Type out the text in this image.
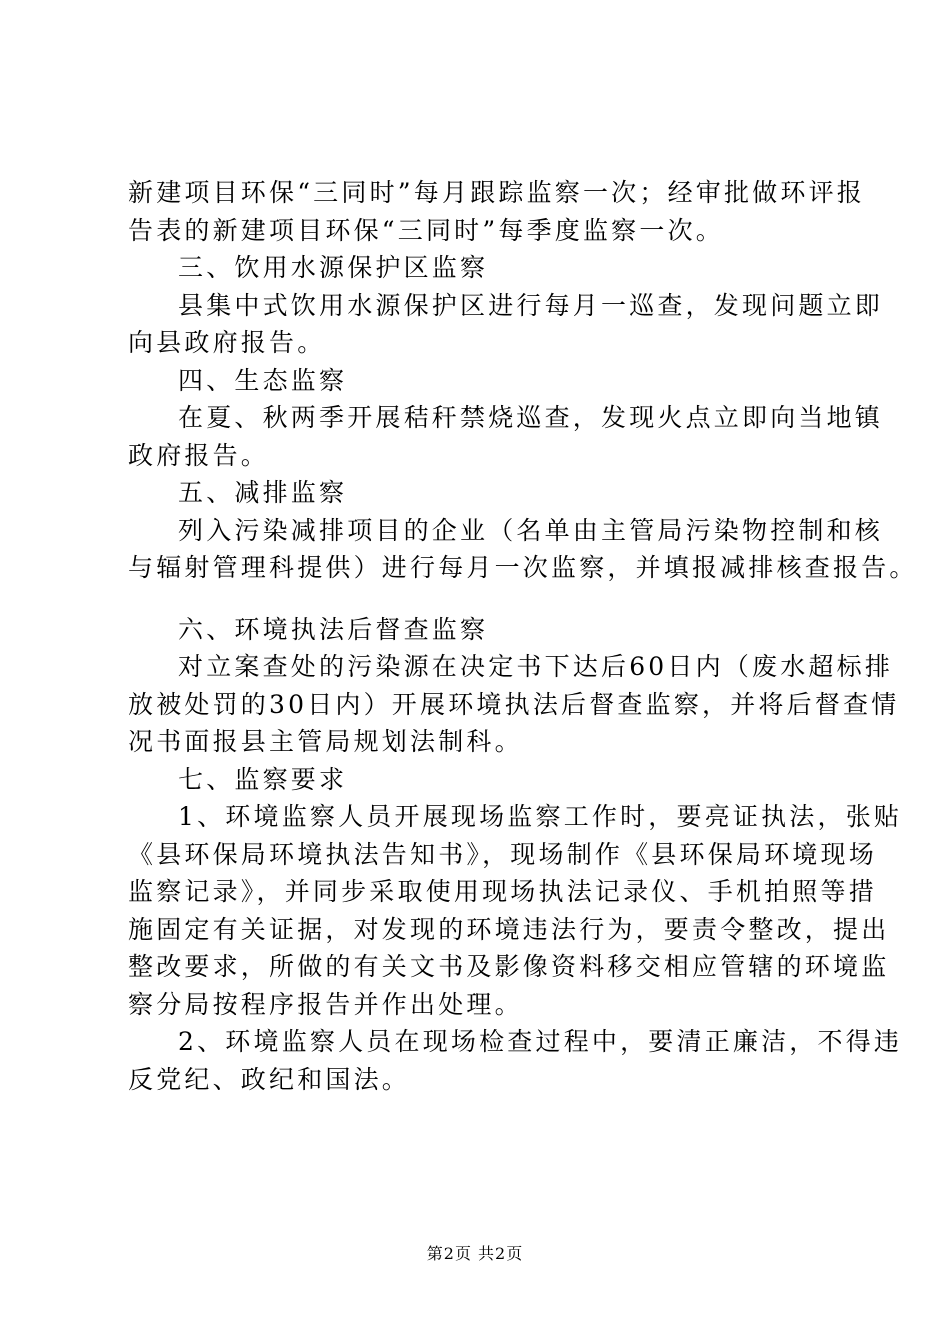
新建项目环保“三同时”每月跟踪监察一次；经审批做环评报
告表的新建项目环保“三同时”每季度监察一次。
三、饮用水源保护区监察
县集中式饮用水源保护区进行每月一巡查，发现问题立即
向县政府报告。
四、生态监察
在夏、秋两季开展秸秆禁烧巡查，发现火点立即向当地镇
政府报告。
五、减排监察
列入污染减排项目的企业（名单由主管局污染物控制和核
与辐射管理科提供）进行每月一次监察，并填报减排核查报告。
六、环境执法后督查监察
对立案查处的污染源在决定书下达后60日内（废水超标排
放被处罚的30日内）开展环境执法后督查监察，并将后督查情
况书面报县主管局规划法制科。
七、监察要求
1、环境监察人员开展现场监察工作时，要亮证执法，张贴
《县环保局环境执法告知书》，现场制作《县环保局环境现场
监察记录》，并同步采取使用现场执法记录仪、手机拍照等措
施固定有关证据，对发现的环境违法行为，要责令整改，提出
整改要求，所做的有关文书及影像资料移交相应管辖的环境监
察分局按程序报告并作出处理。
2、环境监察人员在现场检查过程中，要清正廉洁，不得违
反党纪、政纪和国法。
第2页 共2页
